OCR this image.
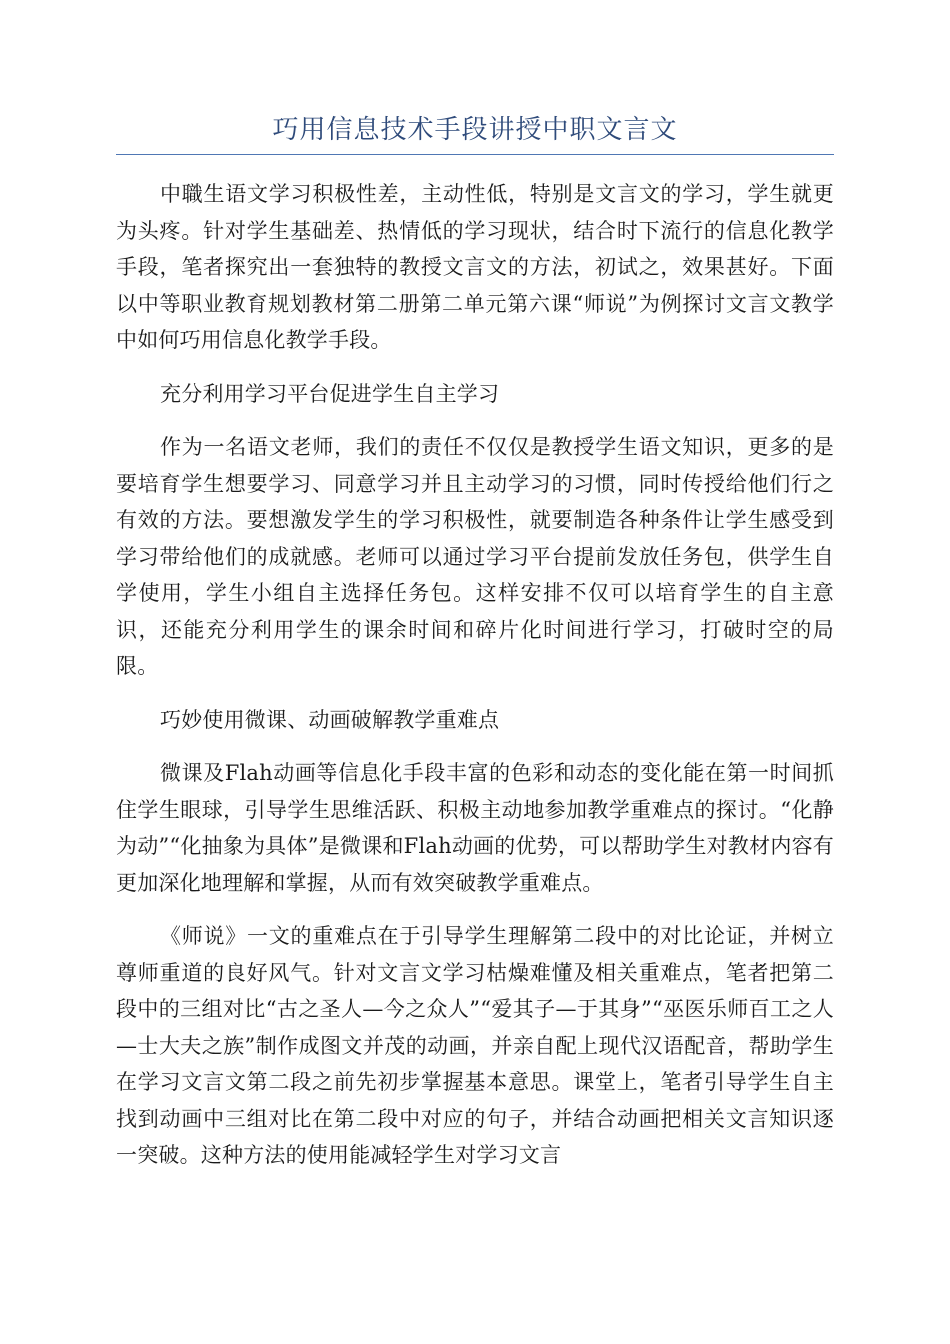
巧用信息技术手段讲授中职文言文

中職生语文学习积极性差，主动性低，特别是文言文的学习，学生就更为头疼。针对学生基础差、热情低的学习现状，结合时下流行的信息化教学手段，笔者探究出一套独特的教授文言文的方法，初试之，效果甚好。下面以中等职业教育规划教材第二册第二单元第六课“师说”为例探讨文言文教学中如何巧用信息化教学手段。

充分利用学习平台促进学生自主学习

作为一名语文老师，我们的责任不仅仅是教授学生语文知识，更多的是要培育学生想要学习、同意学习并且主动学习的习惯，同时传授给他们行之有效的方法。要想激发学生的学习积极性，就要制造各种条件让学生感受到学习带给他们的成就感。老师可以通过学习平台提前发放任务包，供学生自学使用，学生小组自主选择任务包。这样安排不仅可以培育学生的自主意识，还能充分利用学生的课余时间和碎片化时间进行学习，打破时空的局限。

巧妙使用微课、动画破解教学重难点

微课及Flah动画等信息化手段丰富的色彩和动态的变化能在第一时间抓住学生眼球，引导学生思维活跃、积极主动地参加教学重难点的探讨。“化静为动”“化抽象为具体”是微课和Flah动画的优势，可以帮助学生对教材内容有更加深化地理解和掌握，从而有效突破教学重难点。

《师说》一文的重难点在于引导学生理解第二段中的对比论证，并树立尊师重道的良好风气。针对文言文学习枯燥难懂及相关重难点，笔者把第二段中的三组对比“古之圣人—今之众人”“爱其子—于其身”“巫医乐师百工之人—士大夫之族”制作成图文并茂的动画，并亲自配上现代汉语配音，帮助学生在学习文言文第二段之前先初步掌握基本意思。课堂上，笔者引导学生自主找到动画中三组对比在第二段中对应的句子，并结合动画把相关文言知识逐一突破。这种方法的使用能减轻学生对学习文言
